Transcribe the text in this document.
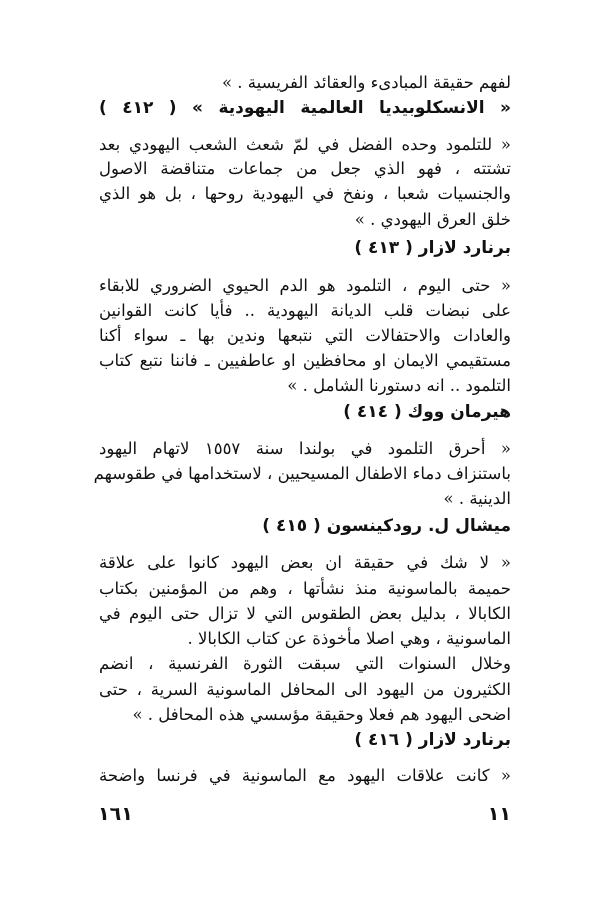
لفهم حقيقة المبادىء والعقائد الفريسية . »
« الانسكلوبيديا العالمية اليهودية » ( ٤١٢ )
« للتلمود وحده الفضل في لمّ شعث الشعب اليهودي بعد
تشتته ، فهو الذي جعل من جماعات متناقضة الاصول
والجنسيات شعبا ، ونفخ في اليهودية روحها ، بل هو الذي
خلق العرق اليهودي . »
برنارد لازار ( ٤١٣ )
« حتى اليوم ، التلمود هو الدم الحيوي الضروري للابقاء
على نبضات قلب الديانة اليهودية .. فأيا كانت القوانين
والعادات والاحتفالات التي نتبعها وندين بها ـ سواء أكنا
مستقيمي الايمان او محافظين او عاطفيين ـ فاننا نتبع كتاب
التلمود .. انه دستورنا الشامل . »
هيرمان ووك ( ٤١٤ )
« أحرق التلمود في بولندا سنة ١٥٥٧ لاتهام اليهود
باستنزاف دماء الاطفال المسيحيين ، لاستخدامها في طقوسهم
الدينية . »
ميشال ل. رودكينسون ( ٤١٥ )
« لا شك في حقيقة ان بعض اليهود كانوا على علاقة
حميمة بالماسونية منذ نشأتها ، وهم من المؤمنين بكتاب
الكابالا ، بدليل بعض الطقوس التي لا تزال حتى اليوم في
الماسونية ، وهي اصلا مأخوذة عن كتاب الكابالا .
وخلال السنوات التي سبقت الثورة الفرنسية ، انضم
الكثيرون من اليهود الى المحافل الماسونية السرية ، حتى
اضحى اليهود هم فعلا وحقيقة مؤسسي هذه المحافل . »
برنارد لازار ( ٤١٦ )
« كانت علاقات اليهود مع الماسونية في فرنسا واضحة
١٦١	١١
